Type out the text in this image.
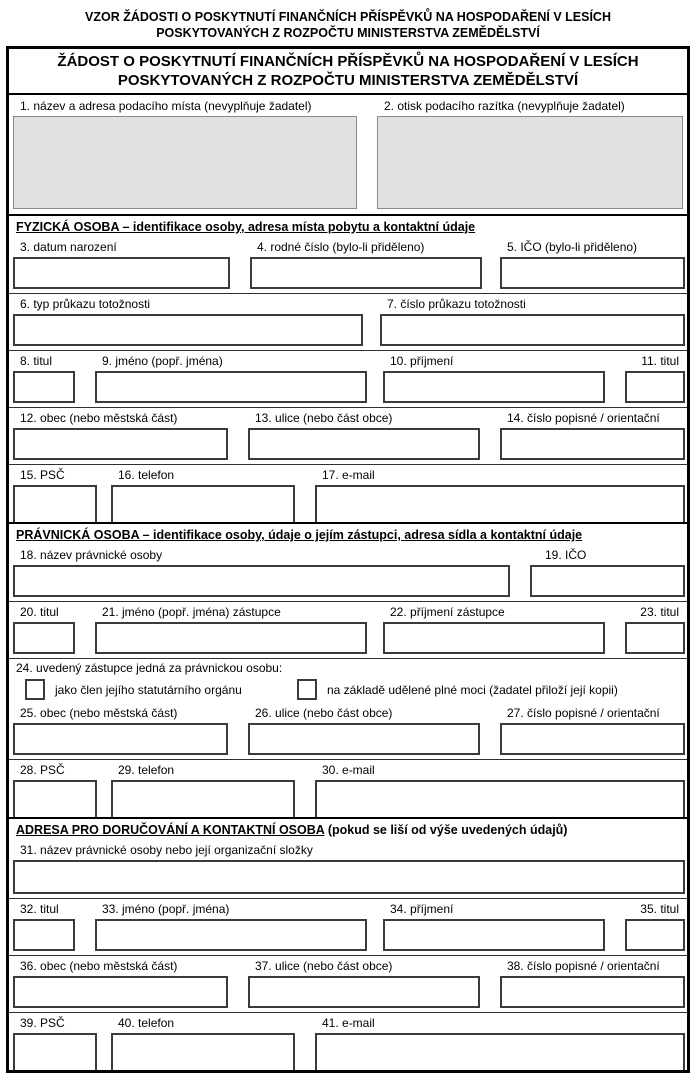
VZOR ŽÁDOSTI O POSKYTNUTÍ FINANČNÍCH PŘÍSPĚVKŮ NA HOSPODAŘENÍ V LESÍCH
POSKYTOVANÝCH Z ROZPOČTU MINISTERSTVA ZEMĚDĚLSTVÍ
ŽÁDOST O POSKYTNUTÍ FINANČNÍCH PŘÍSPĚVKŮ NA HOSPODAŘENÍ V LESÍCH
POSKYTOVANÝCH Z ROZPOČTU MINISTERSTVA ZEMĚDĚLSTVÍ
1. název a adresa podacího místa (nevyplňuje žadatel)	2. otisk podacího razítka (nevyplňuje žadatel)
FYZICKÁ OSOBA – identifikace osoby, adresa místa pobytu a kontaktní údaje
3. datum narození	4. rodné číslo (bylo-li přiděleno)	5. IČO (bylo-li přiděleno)
6. typ průkazu totožnosti	7. číslo průkazu totožnosti
8. titul	9. jméno (popř. jména)	10. příjmení	11. titul
12. obec (nebo městská část)	13. ulice (nebo část obce)	14. číslo popisné / orientační
15. PSČ	16. telefon	17. e-mail
PRÁVNICKÁ OSOBA – identifikace osoby, údaje o jejím zástupci, adresa sídla a kontaktní údaje
18. název právnické osoby	19. IČO
20. titul	21. jméno (popř. jména) zástupce	22. příjmení zástupce	23. titul
24. uvedený zástupce jedná za právnickou osobu:
jako člen jejího statutárního orgánu	na základě udělené plné moci (žadatel přiloží její kopii)
25. obec (nebo městská část)	26. ulice (nebo část obce)	27. číslo popisné / orientační
28. PSČ	29. telefon	30. e-mail
ADRESA PRO DORUČOVÁNÍ A KONTAKTNÍ OSOBA (pokud se liší od výše uvedených údajů)
31. název právnické osoby nebo její organizační složky
32. titul	33. jméno (popř. jména)	34. příjmení	35. titul
36. obec (nebo městská část)	37. ulice (nebo část obce)	38. číslo popisné / orientační
39. PSČ	40. telefon	41. e-mail
